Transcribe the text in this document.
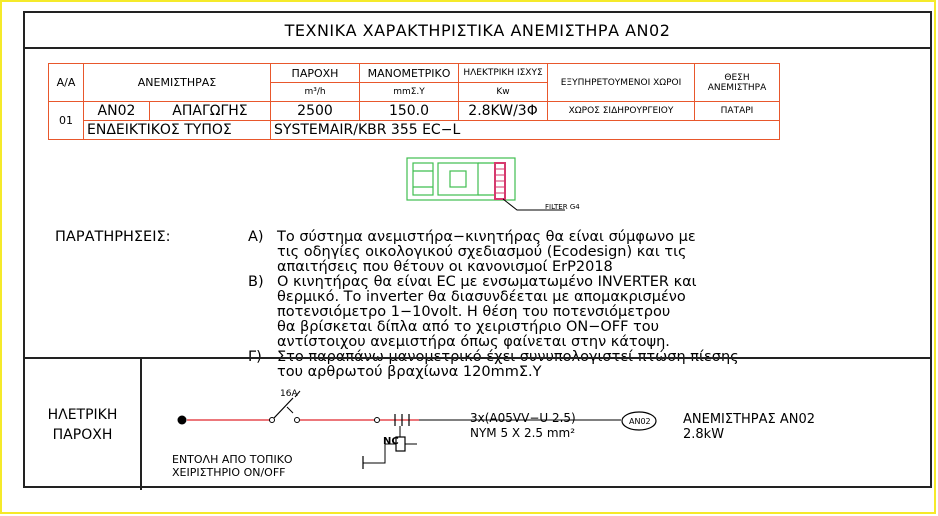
ΤΕΧΝΙΚΑ ΧΑΡΑΚΤΗΡΙΣΤΙΚΑ ΑΝΕΜΙΣΤΗΡΑ ΑΝ02
Α/Α	ΑΝΕΜΙΣΤΗΡΑΣ		ΠΑΡΟΧΗ	ΜΑΝΟΜΕΤΡΙΚΟ	ΗΛΕΚΤΡΙΚΗ ΙΣΧΥΣ	ΕΞΥΠΗΡΕΤΟΥΜΕΝΟΙ ΧΩΡΟΙ	ΘΕΣΗ ΑΝΕΜΙΣΤΗΡΑ
			m³/h	mmΣ.Υ	Kw		
01	ΑΝ02	ΑΠΑΓΩΓΗΣ	2500	150.0	2.8KW/3Φ	ΧΩΡΟΣ ΣΙΔΗΡΟΥΡΓΕΙΟΥ	ΠΑΤΑΡΙ
	ΕΝΔΕΙΚΤΙΚΟΣ ΤΥΠΟΣ		SYSTEMAIR/KBR 355 EC−L				
FILTER G4
16A
ΑΝ02
NC
ΠΑΡΑΤΗΡΗΣΕΙΣ:	Α) Το σύστημα ανεμιστήρα−κινητήρας θα είναι σύμφωνο με
τις οδηγίες οικολογικού σχεδιασμού (Ecodesign) και τις
απαιτήσεις που θέτουν οι κανονισμοί ErP2018
Β) Ο κινητήρας θα είναι EC με ενσωματωμένο INVERTER και
θερμικό. Το inverter θα διασυνδέεται με απομακρισμένο
ποτενσιόμετρο 1−10volt. Η θέση του ποτενσιόμετρου
θα βρίσκεται δίπλα από το χειριστήριο ON−OFF του
αντίστοιχου ανεμιστήρα όπως φαίνεται στην κάτοψη.
Γ) Στο παραπάνω μανομετρικό έχει συνυπολογιστεί πτώση πίεσης
του αρθρωτού βραχίωνα 120mmΣ.Υ
ΗΛΕΤΡΙΚΗ
ΠΑΡΟΧΗ
3x(A05VV−U 2.5)
NYM 5 X 2.5 mm²
ΑΝΕΜΙΣΤΗΡΑΣ ΑΝ02
2.8kW
ΕΝΤΟΛΗ ΑΠΟ ΤΟΠΙΚΟ
ΧΕΙΡΙΣΤΗΡΙΟ ON/OFF
